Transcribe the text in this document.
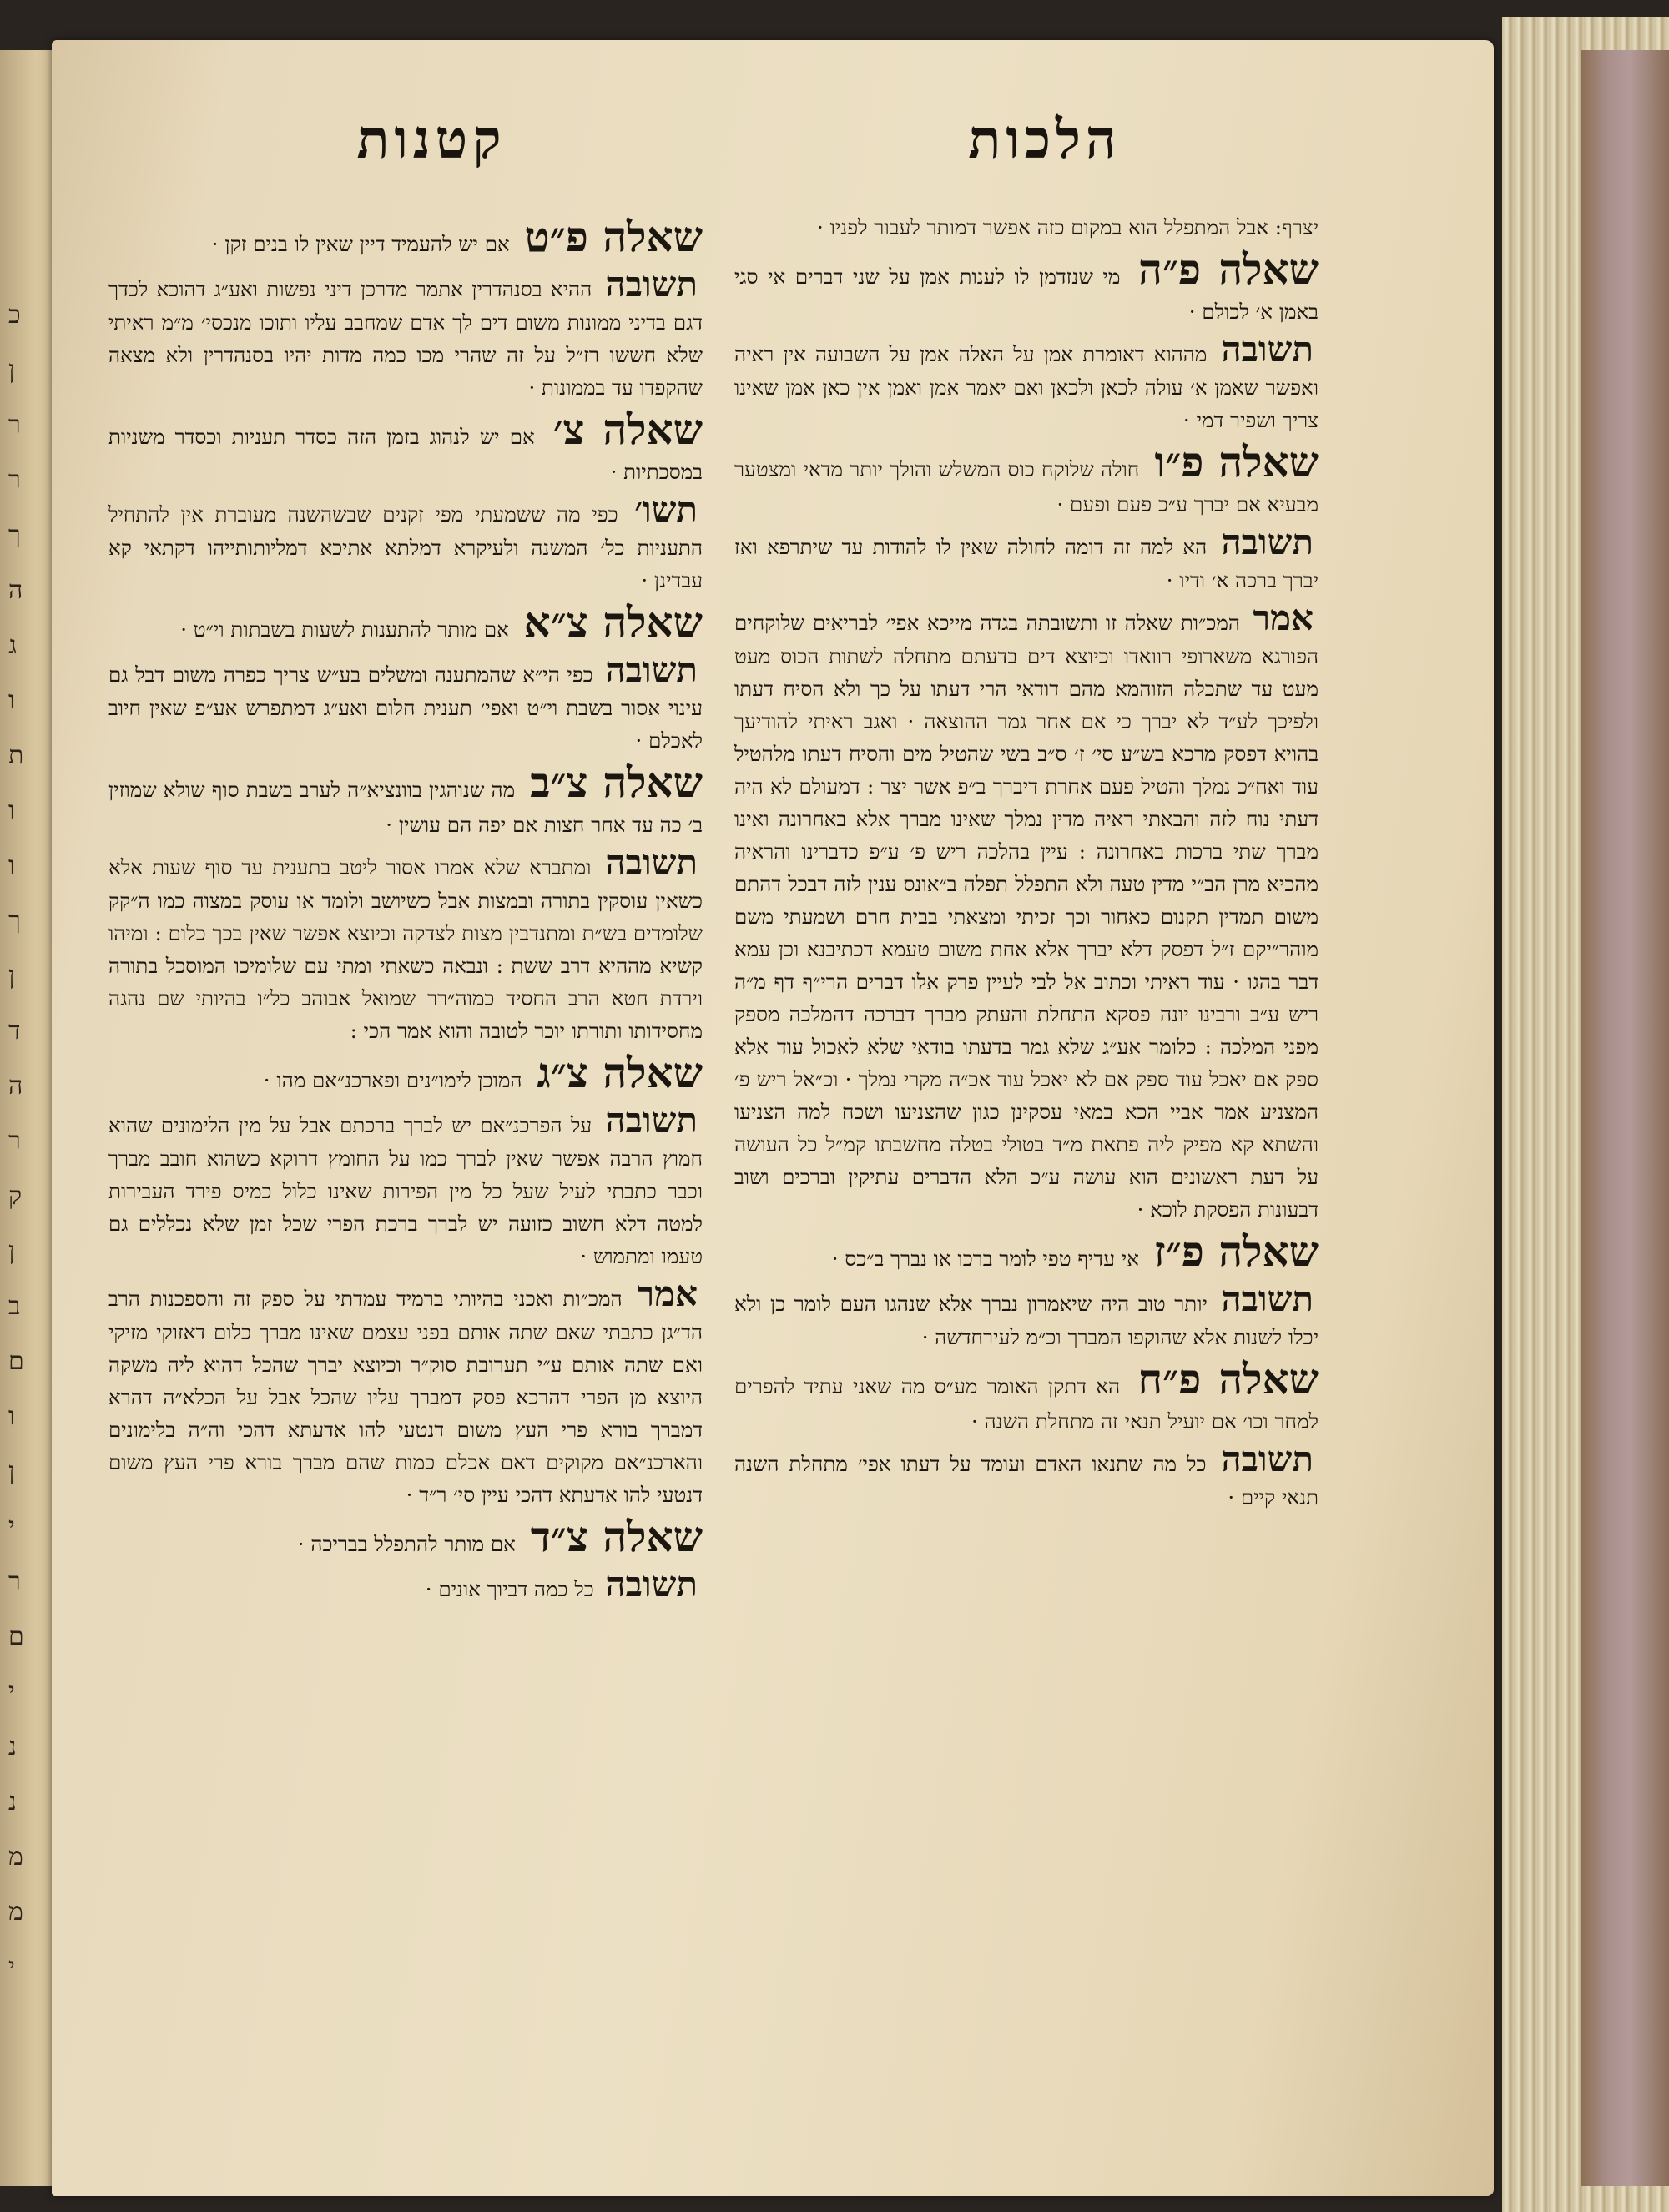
כ
ן
ר
ר
ך
ה
ג
ו
ת
ו
ו
ך
ן
ד
ה
ר
ק
ן
ב
ם
ו
ן
י
ר
ם
י
נ
נ
מ
מ
י
הלכות
קטנות

יצרף: אבל המתפלל הוא במקום כזה אפשר דמותר לעבור לפניו ·

שאלה פ״ה מי שנזדמן לו לענות אמן על שני דברים אי סגי באמן א׳ לכולם ·

תשובה מההוא דאומרת אמן על האלה אמן על השבועה אין ראיה ואפשר שאמן א׳ עולה לכאן ולכאן ואם יאמר אמן ואמן אין כאן אמן שאינו צריך ושפיר דמי ·

שאלה פ״ו חולה שלוקח כוס המשלש והולך יותר מדאי ומצטער מבעיא אם יברך ע״כ פעם ופעם ·

תשובה הא למה זה דומה לחולה שאין לו להודות עד שיתרפא ואז יברך ברכה א׳ ודיו ·

אמר המכ״ות שאלה זו ותשובתה בגדה מייכא אפי׳ לבריאים שלוקחים הפורגא משארופי רוואדו וכיוצא דים בדעתם מתחלה לשתות הכוס מעט מעט עד שתכלה הזוהמא מהם דודאי הרי דעתו על כך ולא הסיח דעתו ולפיכך לע״ד לא יברך כי אם אחר גמר ההוצאה · ואגב ראיתי להודיעך בהויא דפסק מרכא בש״ע סי׳ ז׳ ס״ב בשי שהטיל מים והסיח דעתו מלהטיל עוד ואח״כ נמלך והטיל פעם אחרת דיברך ב״פ אשר יצר : דמעולם לא היה דעתי נוח לזה והבאתי ראיה מדין נמלך שאינו מברך אלא באחרונה ואינו מברך שתי ברכות באחרונה : עיין בהלכה ריש פ׳ ע״פ כדברינו והראיה מהכיא מרן הב״י מדין טעה ולא התפלל תפלה ב״אונס ענין לזה דבכל דהתם משום תמדין תקנום כאחור וכך זכיתי ומצאתי בבית חרם ושמעתי משם מוהר״יקם ז״ל דפסק דלא יברך אלא אחת משום טעמא דכתיבנא וכן עמא דבר בהגו · עוד ראיתי וכתוב אל לבי לעיין פרק אלו דברים הרי״ף דף מ״ה ריש ע״ב ורבינו יונה פסקא התחלת והעתק מברך דברכה דהמלכה מספק מפני המלכה : כלומר אע״ג שלא גמר בדעתו בודאי שלא לאכול עוד אלא ספק אם יאכל עוד ספק אם לא יאכל עוד אכ״ה מקרי נמלך · וכ״אל ריש פ׳ המצניע אמר אביי הכא במאי עסקינן כגון שהצניעו ושכח למה הצניעו והשתא קא מפיק ליה פתאת מ״ד בטולי בטלה מחשבתו קמ״ל כל העושה על דעת ראשונים הוא עושה ע״כ הלא הדברים עתיקין וברכים ושוב דבעונות הפסקת לוכא ·

שאלה פ״ז אי עדיף טפי לומר ברכו או נברך ב״כס ·

תשובה יותר טוב היה שיאמרון נברך אלא שנהגו העם לומר כן ולא יכלו לשנות אלא שהוקפו המברך וכ״מ לעירחדשה ·

שאלה פ״ח הא דתקן האומר מע״ס מה שאני עתיד להפרים למחר וכו׳ אם יועיל תנאי זה מתחלת השנה ·

תשובה כל מה שתנאו האדם ועומד על דעתו אפי׳ מתחלת השנה תנאי קיים ·

שאלה פ״ט אם יש להעמיד דיין שאין לו בנים זקן ·

תשובה ההיא בסנהדרין אתמר מדרכן דיני נפשות ואע״ג דהוכא לכדך דגם בדיני ממונות משום דים לך אדם שמחבב עליו ותוכו מנכסי׳ מ״מ ראיתי שלא חששו רז״ל על זה שהרי מכו כמה מדות יהיו בסנהדרין ולא מצאה שהקפדו עד בממונות ·

שאלה צ׳ אם יש לנהוג בזמן הזה כסדר תעניות וכסדר משניות במסכתיות ·

תשו׳ כפי מה ששמעתי מפי זקנים שבשהשנה מעוברת אין להתחיל התעניות כל׳ המשנה ולעיקרא דמלתא אתיכא דמליותותייהו דקתאי קא עבדינן ·

שאלה צ״א אם מותר להתענות לשעות בשבתות וי״ט ·

תשובה כפי הי״א שהמתענה ומשלים בע״ש צריך כפרה משום דבל גם עינוי אסור בשבת וי״ט ואפי׳ תענית חלום ואע״ג דמתפרש אע״פ שאין חיוב לאכלם ·

שאלה צ״ב מה שנוהגין בוונציא״ה לערב בשבת סוף שולא שמוזין ב׳ כה עד אחר חצות אם יפה הם עושין ·

תשובה ומתברא שלא אמרו אסור ליטב בתענית עד סוף שעות אלא כשאין עוסקין בתורה ובמצות אבל כשיושב ולומד או עוסק במצוה כמו ה״קק שלומדים בש״ת ומתנדבין מצות לצדקה וכיוצא אפשר שאין בכך כלום : ומיהו קשיא מההיא דרב ששת : ונבאה כשאתי ומתי עם שלומיכו המוסכל בתורה וירדת חטא הרב החסיד כמוה״רר שמואל אבוהב כל״ו בהיותי שם נהגה מחסידותו ותורתו יוכר לטובה והוא אמר הכי :

שאלה צ״ג המוכן לימו״נים ופארכנ״אם מהו ·

תשובה על הפרכנ״אם יש לברך ברכתם אבל על מין הלימונים שהוא חמוץ הרבה אפשר שאין לברך כמו על החומץ דרוקא כשהוא חובב מברך וכבר כתבתי לעיל שעל כל מין הפירות שאינו כלול כמיס פירד העבירות למטה דלא חשוב כזועה יש לברך ברכת הפרי שכל זמן שלא נכללים גם טעמו ומתמוש ·

אמר המכ״ות ואכני בהיותי ברמיד עמדתי על ספק זה והספכנות הרב הד״גן כתבתי שאם שתה אותם בפני עצמם שאינו מברך כלום דאזוקי מזיקי ואם שתה אותם ע״י תערובת סוק״ר וכיוצא יברך שהכל דהוא ליה משקה היוצא מן הפרי דהרכא פסק דמברך עליו שהכל אבל על הכלא״ה דהרא דמברך בורא פרי העץ משום דנטעי להו אדעתא דהכי וה״ה בלימונים והארכנ״אם מקוקים דאם אכלם כמות שהם מברך בורא פרי העץ משום דנטעי להו אדעתא דהכי עיין סי׳ ר״ד ·

שאלה צ״ד אם מותר להתפלל בבריכה ·

תשובה כל כמה דביוך אונים ·
